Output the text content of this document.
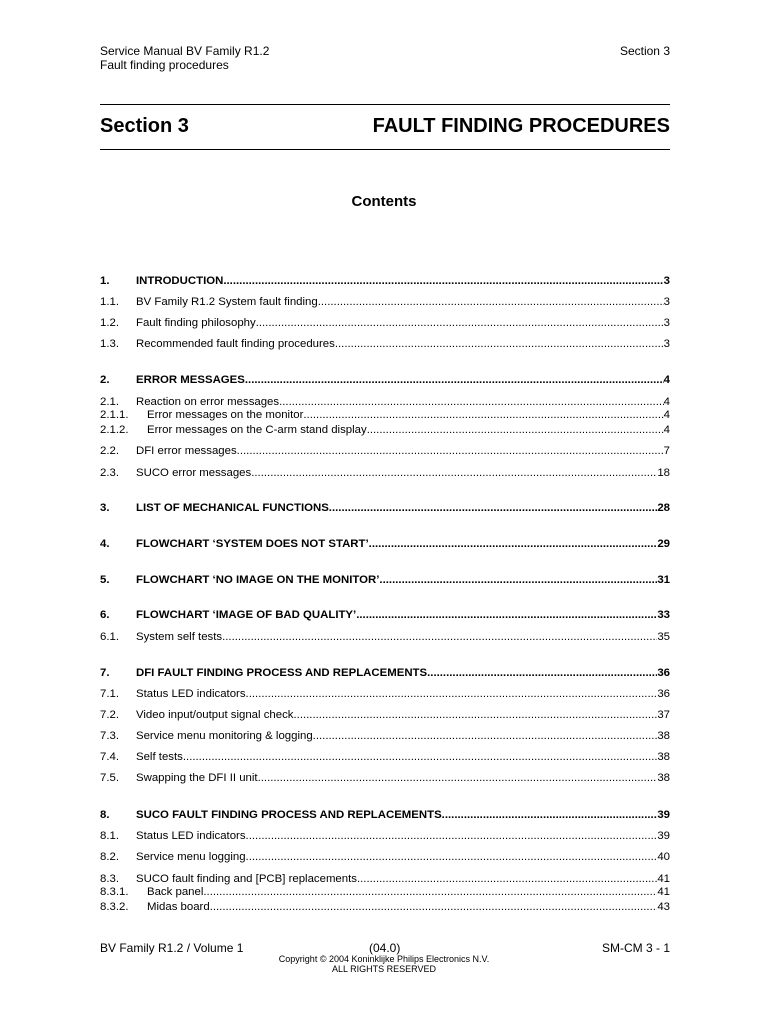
Service Manual BV Family R1.2
Fault finding procedures
Section 3
Section 3	FAULT FINDING PROCEDURES
Contents
1.	INTRODUCTION .....	3
1.1.	BV Family R1.2 System fault finding .....	3
1.2.	Fault finding philosophy .....	3
1.3.	Recommended fault finding procedures .....	3
2.	ERROR MESSAGES .....	4
2.1.	Reaction on error messages .....	4
2.1.1.	Error messages on the monitor .....	4
2.1.2.	Error messages on the C-arm stand display .....	4
2.2.	DFI error messages .....	7
2.3.	SUCO error messages .....	18
3.	LIST OF MECHANICAL FUNCTIONS .....	28
4.	FLOWCHART ‘SYSTEM DOES NOT START’ .....	29
5.	FLOWCHART ‘NO IMAGE ON THE MONITOR’ .....	31
6.	FLOWCHART ‘IMAGE OF BAD QUALITY’ .....	33
6.1.	System self tests .....	35
7.	DFI FAULT FINDING PROCESS AND REPLACEMENTS .....	36
7.1.	Status LED indicators .....	36
7.2.	Video input/output signal check .....	37
7.3.	Service menu monitoring & logging .....	38
7.4.	Self tests .....	38
7.5.	Swapping the DFI II unit. .....	38
8.	SUCO FAULT FINDING PROCESS AND REPLACEMENTS .....	39
8.1.	Status LED indicators .....	39
8.2.	Service menu logging .....	40
8.3.	SUCO fault finding and [PCB] replacements .....	41
8.3.1.	Back panel .....	41
8.3.2.	Midas board .....	43
BV Family R1.2 / Volume 1	(04.0)	SM-CM 3 - 1
Copyright © 2004 Koninklijke Philips Electronics N.V.
ALL RIGHTS RESERVED
